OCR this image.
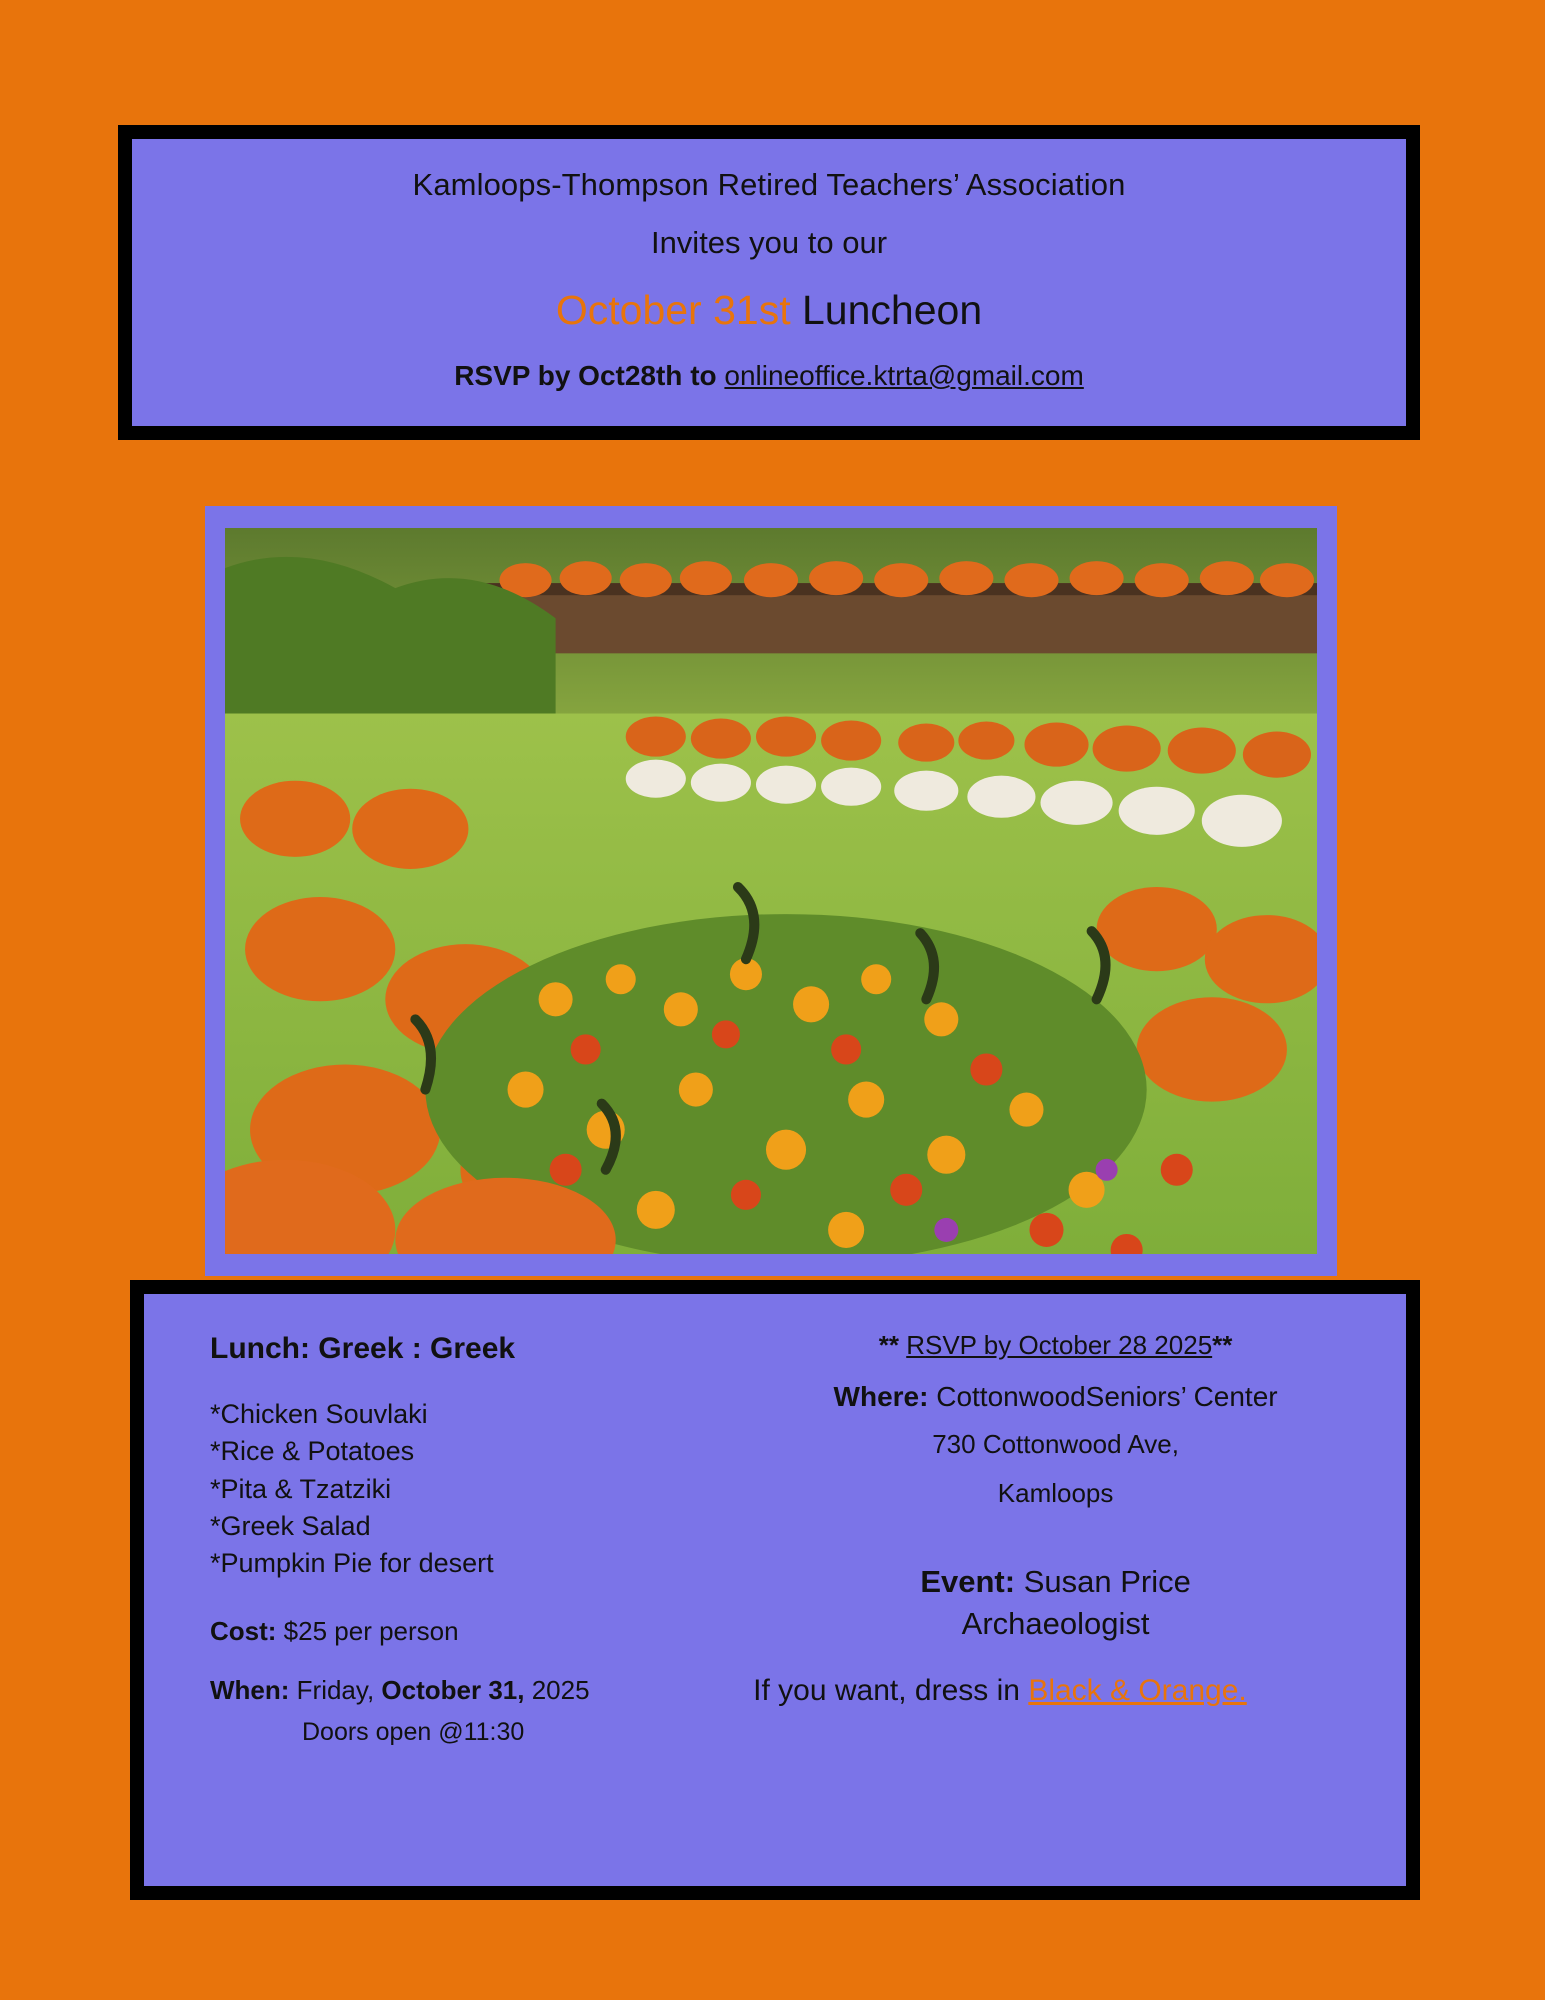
Kamloops-Thompson Retired Teachers’ Association
Invites you to our
October 31st Luncheon
RSVP by Oct28th to onlineoffice.ktrta@gmail.com
Lunch: Greek : Greek
*Chicken Souvlaki
*Rice & Potatoes
*Pita & Tzatziki
*Greek Salad
*Pumpkin Pie for desert
Cost: $25 per person
When: Friday, October 31, 2025
Doors open @11:30
** RSVP by October 28 2025**
Where: CottonwoodSeniors’ Center
730 Cottonwood Ave,
Kamloops
Event: Susan Price
Archaeologist
If you want, dress in Black & Orange.
